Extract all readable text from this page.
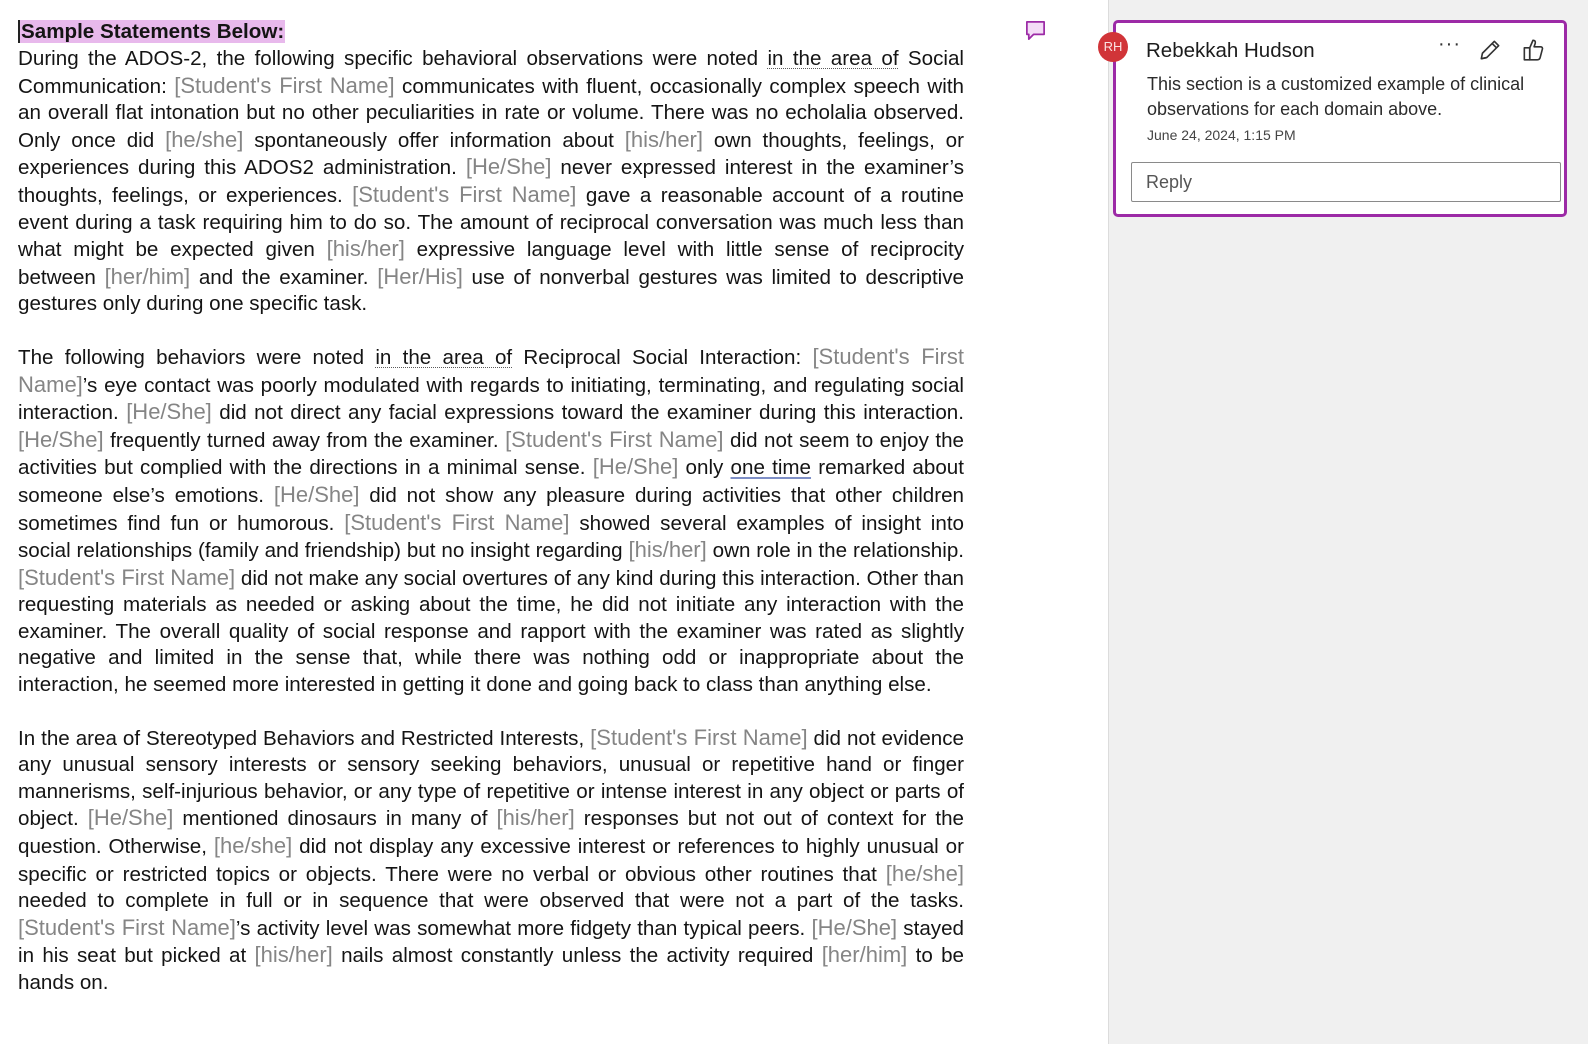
Sample Statements Below:

During the ADOS-2, the following specific behavioral observations were noted in the area of Social Communication: [Student's First Name] communicates with fluent, occasionally complex speech with an overall flat intonation but no other peculiarities in rate or volume. There was no echolalia observed. Only once did [he/she] spontaneously offer information about [his/her] own thoughts, feelings, or experiences during this ADOS2 administration. [He/She] never expressed interest in the examiner’s thoughts, feelings, or experiences. [Student's First Name] gave a reasonable account of a routine event during a task requiring him to do so. The amount of reciprocal conversation was much less than what might be expected given [his/her] expressive language level with little sense of reciprocity between [her/him] and the examiner. [Her/His] use of nonverbal gestures was limited to descriptive gestures only during one specific task.

The following behaviors were noted in the area of Reciprocal Social Interaction: [Student's First Name]’s eye contact was poorly modulated with regards to initiating, terminating, and regulating social interaction. [He/She] did not direct any facial expressions toward the examiner during this interaction. [He/She] frequently turned away from the examiner. [Student's First Name] did not seem to enjoy the activities but complied with the directions in a minimal sense. [He/She] only one time remarked about someone else’s emotions. [He/She] did not show any pleasure during activities that other children sometimes find fun or humorous. [Student's First Name] showed several examples of insight into social relationships (family and friendship) but no insight regarding [his/her] own role in the relationship. [Student's First Name] did not make any social overtures of any kind during this interaction. Other than requesting materials as needed or asking about the time, he did not initiate any interaction with the examiner. The overall quality of social response and rapport with the examiner was rated as slightly negative and limited in the sense that, while there was nothing odd or inappropriate about the interaction, he seemed more interested in getting it done and going back to class than anything else.

In the area of Stereotyped Behaviors and Restricted Interests, [Student's First Name] did not evidence any unusual sensory interests or sensory seeking behaviors, unusual or repetitive hand or finger mannerisms, self-injurious behavior, or any type of repetitive or intense interest in any object or parts of object. [He/She] mentioned dinosaurs in many of [his/her] responses but not out of context for the question. Otherwise, [he/she] did not display any excessive interest or references to highly unusual or specific or restricted topics or objects. There were no verbal or obvious other routines that [he/she] needed to complete in full or in sequence that were observed that were not a part of the tasks. [Student's First Name]’s activity level was somewhat more fidgety than typical peers. [He/She] stayed in his seat but picked at [his/her] nails almost constantly unless the activity required [her/him] to be hands on.

RH Rebekkah Hudson	···
This section is a customized example of clinical observations for each domain above.
June 24, 2024, 1:15 PM
Reply
